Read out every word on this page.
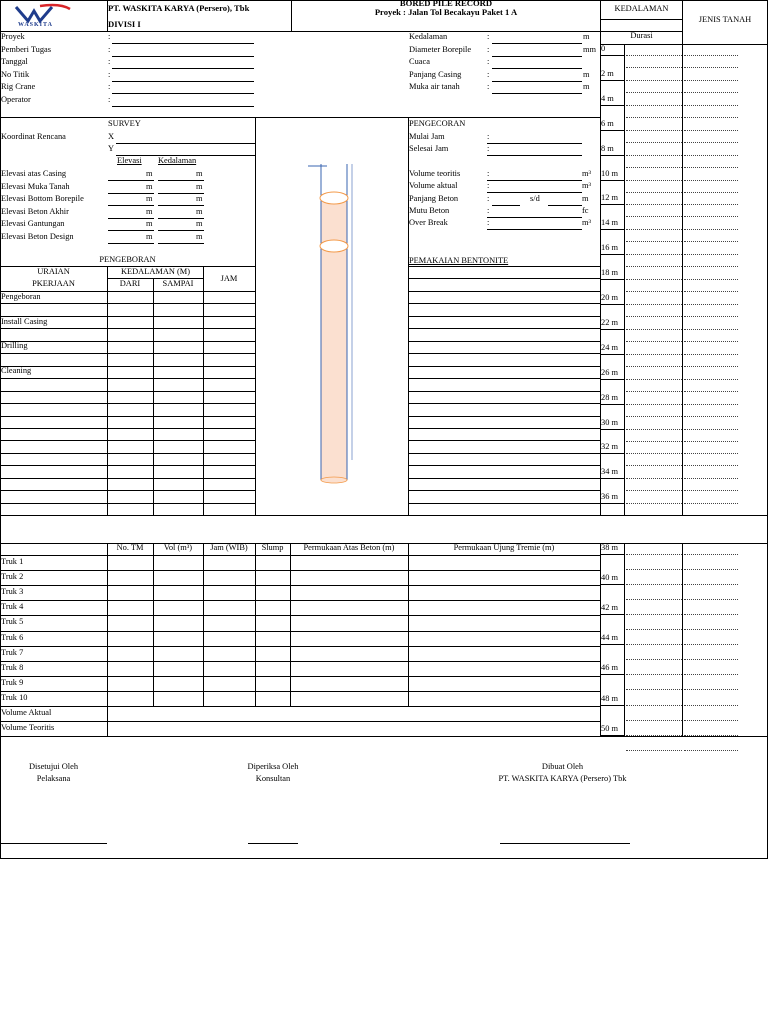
WASKITA
PT. WASKITA KARYA (Persero), Tbk
DIVISI I
BORED PILE RECORD
Proyek : Jalan Tol Becakayu Paket 1 A	KEDALAMAN
JENIS TANAH
Durasi
Proyek	:
Pemberi Tugas	:
Tanggal	:
No Titik	:
Rig Crane	:
Operator	:
Kedalaman	:	m
Diameter Borepile :	mm
Cuaca	:
Panjang Casing	:	m
Muka air tanah	:	m
SURVEY
Koordinat Rencana	X
Y
Elevasi Kedalaman
Elevasi atas Casing	m	m
Elevasi Muka Tanah	m	m
Elevasi Bottom Borepile	m	m
Elevasi Beton Akhir	m	m
Elevasi Gantungan	m	m
Elevasi Beton Design	m	m
PENGECORAN
Mulai Jam	:
Selesai Jam	:
Volume teoritis	:	m³
Volume aktual	:	m³
Panjang Beton	:	s/d	m
Mutu Beton	:	fc
Over Break	:	m³
PEMAKAIAN BENTONITE
PENGEBORAN
URAIAN
PKERJAAN
KEDALAMAN (M)
DARI	SAMPAI
JAM
Pengeboran
Install Casing
Drilling
Cleaning
0
2 m
4 m
6 m
8 m
10 m
12 m
14 m
16 m
18 m
20 m
22 m
24 m
26 m
28 m
30 m
32 m
34 m
36 m
No. TM	Vol (m³)	Jam (WIB)	Slump	Permukaan Atas Beton (m)	Permukaan Ujung Tremie (m)
Truk 1
Truk 2
Truk 3
Truk 4
Truk 5
Truk 6
Truk 7
Truk 8
Truk 9
Truk 10
Volume Aktual
Volume Teoritis
38 m
40 m
42 m
44 m
46 m
48 m
50 m
Disetujui Oleh
Pelaksana
Diperiksa Oleh
Konsultan
Dibuat Oleh
PT. WASKITA KARYA (Persero) Tbk
